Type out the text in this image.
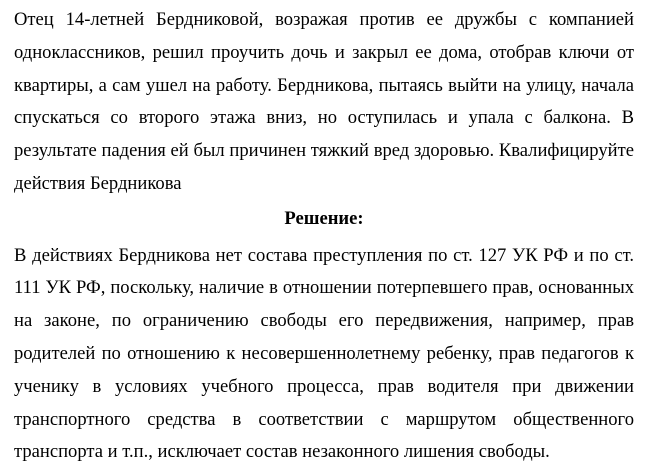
Отец 14-летней Бердниковой, возражая против ее дружбы с компанией одноклассников, решил проучить дочь и закрыл ее дома, отобрав ключи от квартиры, а сам ушел на работу. Бердникова, пытаясь выйти на улицу, начала спускаться со второго этажа вниз, но оступилась и упала с балкона. В результате падения ей был причинен тяжкий вред здоровью. Квалифицируйте действия Бердникова

Решение:

В действиях Бердникова нет состава преступления по ст. 127 УК РФ и по ст. 111 УК РФ, поскольку, наличие в отношении потерпевшего прав, основанных на законе, по ограничению свободы его передвижения, например, прав родителей по отношению к несовершеннолетнему ребенку, прав педагогов к ученику в условиях учебного процесса, прав водителя при движении транспортного средства в соответствии с маршрутом общественного транспорта и т.п., исключает состав незаконного лишения свободы.
